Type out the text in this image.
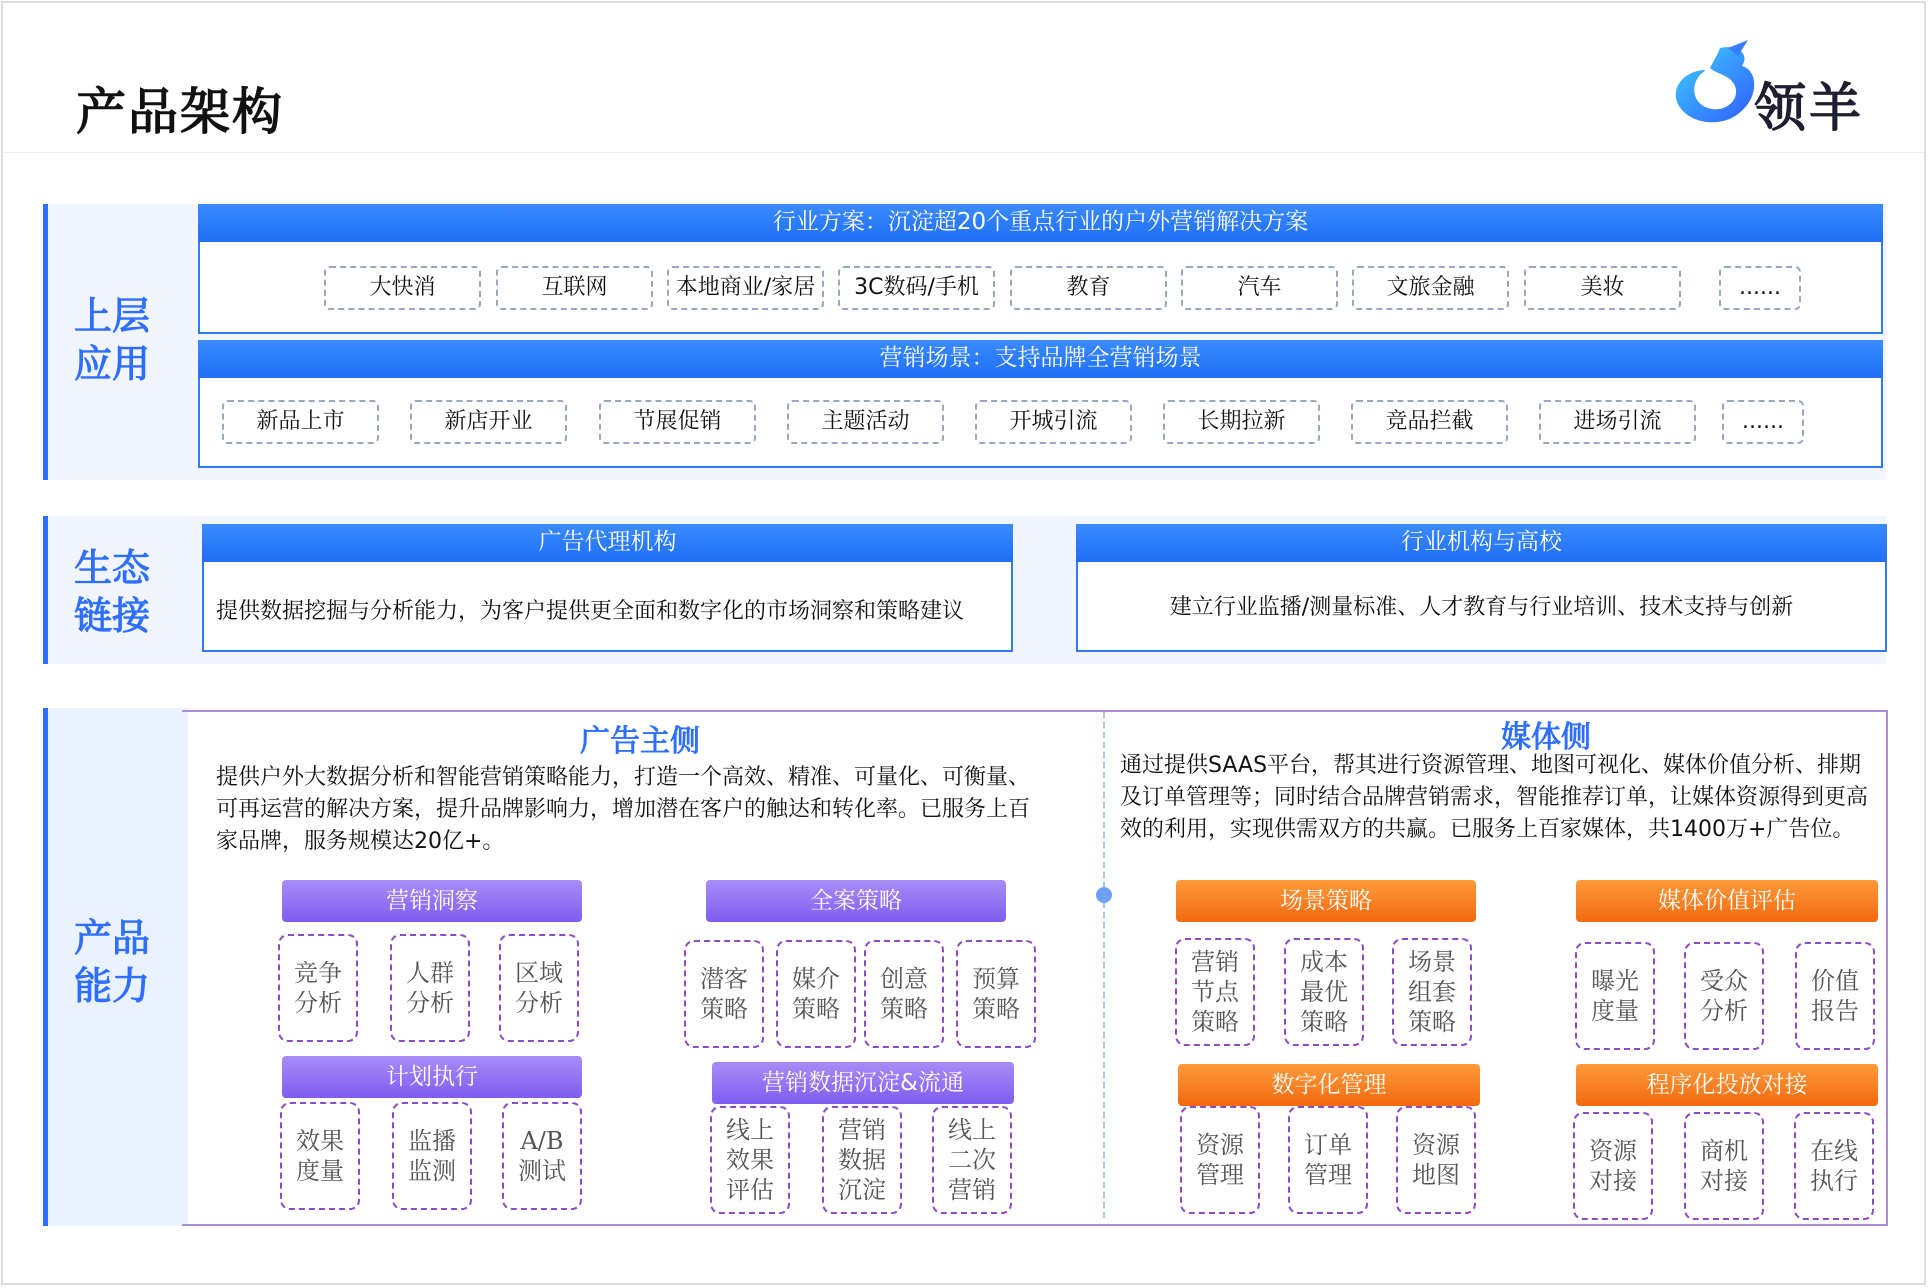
产品架构	领羊
上层应用
行业方案：沉淀超20个重点行业的户外营销解决方案
大快消	互联网	本地商业/家居	3C数码/手机	教育	汽车	文旅金融	美妆	......
营销场景：支持品牌全营销场景
新品上市	新店开业	节展促销	主题活动	开城引流	长期拉新	竞品拦截	进场引流	......
生态链接
广告代理机构
提供数据挖掘与分析能力，为客户提供更全面和数字化的市场洞察和策略建议
行业机构与高校
建立行业监播/测量标准、人才教育与行业培训、技术支持与创新
产品能力
广告主侧
提供户外大数据分析和智能营销策略能力，打造一个高效、精准、可量化、可衡量、可再运营的解决方案，提升品牌影响力，增加潜在客户的触达和转化率。已服务上百家品牌，服务规模达20亿+。
媒体侧
通过提供SAAS平台，帮其进行资源管理、地图可视化、媒体价值分析、排期及订单管理等；同时结合品牌营销需求，智能推荐订单，让媒体资源得到更高效的利用，实现供需双方的共赢。已服务上百家媒体，共1400万+广告位。
营销洞察
竞争分析
人群分析
区域分析
全案策略
潜客策略
媒介策略
创意策略
预算策略
计划执行
效果度量
监播监测
A/B测试
营销数据沉淀&流通
线上效果评估
营销数据沉淀
线上二次营销
场景策略
营销节点策略
成本最优策略
场景组套策略
媒体价值评估
曝光度量
受众分析
价值报告
数字化管理
资源管理
订单管理
资源地图
程序化投放对接
资源对接
商机对接
在线执行
